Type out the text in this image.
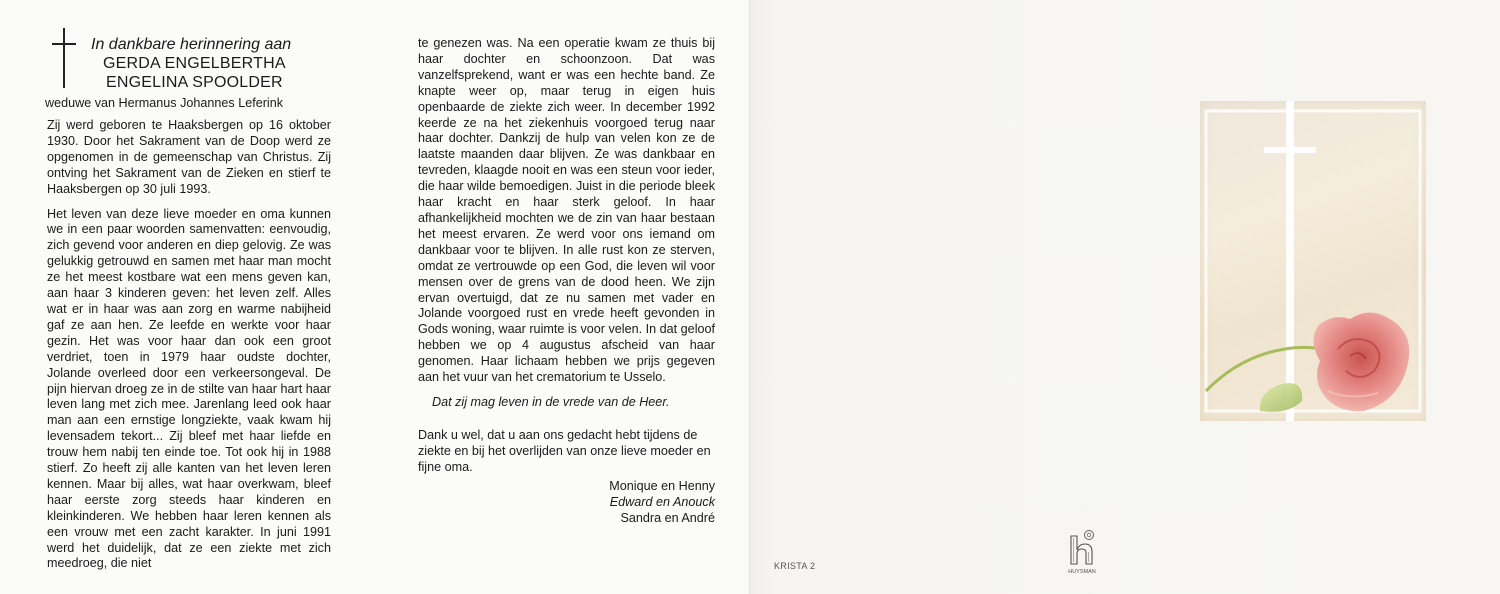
In dankbare herinnering aan
GERDA ENGELBERTHA
ENGELINA SPOOLDER
weduwe van Hermanus Johannes Leferink

Zij werd geboren te Haaksbergen op 16 oktober 1930. Door het Sakrament van de Doop werd ze opgenomen in de gemeenschap van Christus. Zij ontving het Sakrament van de Zieken en stierf te Haaksbergen op 30 juli 1993.

Het leven van deze lieve moeder en oma kunnen we in een paar woorden samenvatten: eenvoudig, zich gevend voor anderen en diep gelovig. Ze was gelukkig getrouwd en samen met haar man mocht ze het meest kostbare wat een mens geven kan, aan haar 3 kinderen geven: het leven zelf. Alles wat er in haar was aan zorg en warme nabijheid gaf ze aan hen. Ze leefde en werkte voor haar gezin. Het was voor haar dan ook een groot verdriet, toen in 1979 haar oudste dochter, Jolande overleed door een verkeersongeval. De pijn hiervan droeg ze in de stilte van haar hart haar leven lang met zich mee. Jarenlang leed ook haar man aan een ernstige longziekte, vaak kwam hij levensadem tekort... Zij bleef met haar liefde en trouw hem nabij ten einde toe. Tot ook hij in 1988 stierf. Zo heeft zij alle kanten van het leven leren kennen. Maar bij alles, wat haar overkwam, bleef haar eerste zorg steeds haar kinderen en kleinkinderen. We hebben haar leren kennen als een vrouw met een zacht karakter. In juni 1991 werd het duidelijk, dat ze een ziekte met zich meedroeg, die niet

te genezen was. Na een operatie kwam ze thuis bij haar dochter en schoonzoon. Dat was vanzelfsprekend, want er was een hechte band. Ze knapte weer op, maar terug in eigen huis openbaarde de ziekte zich weer. In december 1992 keerde ze na het ziekenhuis voorgoed terug naar haar dochter. Dankzij de hulp van velen kon ze de laatste maanden daar blijven. Ze was dankbaar en tevreden, klaagde nooit en was een steun voor ieder, die haar wilde bemoedigen. Juist in die periode bleek haar kracht en haar sterk geloof. In haar afhankelijkheid mochten we de zin van haar bestaan het meest ervaren. Ze werd voor ons iemand om dankbaar voor te blijven. In alle rust kon ze sterven, omdat ze vertrouwde op een God, die leven wil voor mensen over de grens van de dood heen. We zijn ervan overtuigd, dat ze nu samen met vader en Jolande voorgoed rust en vrede heeft gevonden in Gods woning, waar ruimte is voor velen. In dat geloof hebben we op 4 augustus afscheid van haar genomen. Haar lichaam hebben we prijs gegeven aan het vuur van het crematorium te Usselo.

Dat zij mag leven in de vrede van de Heer.

Dank u wel, dat u aan ons gedacht hebt tijdens de ziekte en bij het overlijden van onze lieve moeder en fijne oma.

Monique en Henny
Edward en Anouck
Sandra en André
KRISTA 2
HUYSMAN
